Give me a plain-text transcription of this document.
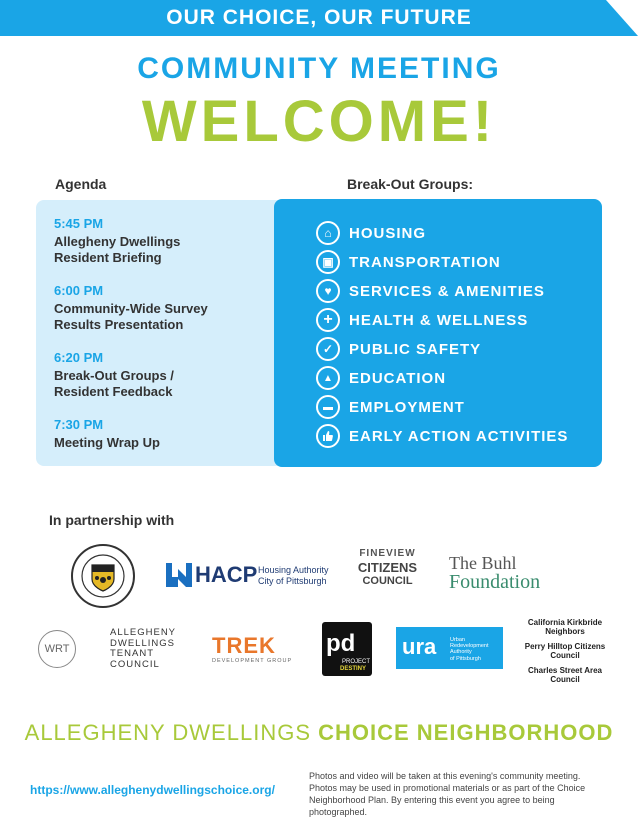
OUR CHOICE, OUR FUTURE
COMMUNITY MEETING
WELCOME!
Agenda	Break-Out Groups:
5:45 PM
Allegheny Dwellings
Resident Briefing
6:00 PM
Community-Wide Survey
Results Presentation
6:20 PM
Break-Out Groups /
Resident Feedback
7:30 PM
Meeting Wrap Up
⌂	HOUSING
▣	TRANSPORTATION
♥	SERVICES & AMENITIES
+	HEALTH & WELLNESS
✓	PUBLIC SAFETY
▲	EDUCATION
▬	EMPLOYMENT
EARLY ACTION ACTIVITIES
In partnership with
HACP Housing Authority
City of Pittsburgh
FINEVIEW
CITIZENS
COUNCIL
The Buhl
Foundation
WRT
ALLEGHENY
DWELLINGS
TENANT
COUNCIL
TREK
DEVELOPMENT GROUP
pd
PROJECT
DESTINY
ura	Urban
Redevelopment
Authority
of Pittsburgh
California Kirkbride
Neighbors
Perry Hilltop Citizens
Council
Charles Street Area
Council
ALLEGHENY DWELLINGS CHOICE NEIGHBORHOOD
https://www.alleghenydwellingschoice.org/
Photos and video will be taken at this evening's community meeting. Photos may be used in promotional materials or as part of the Choice Neighborhood Plan. By entering this event you agree to being photographed.
